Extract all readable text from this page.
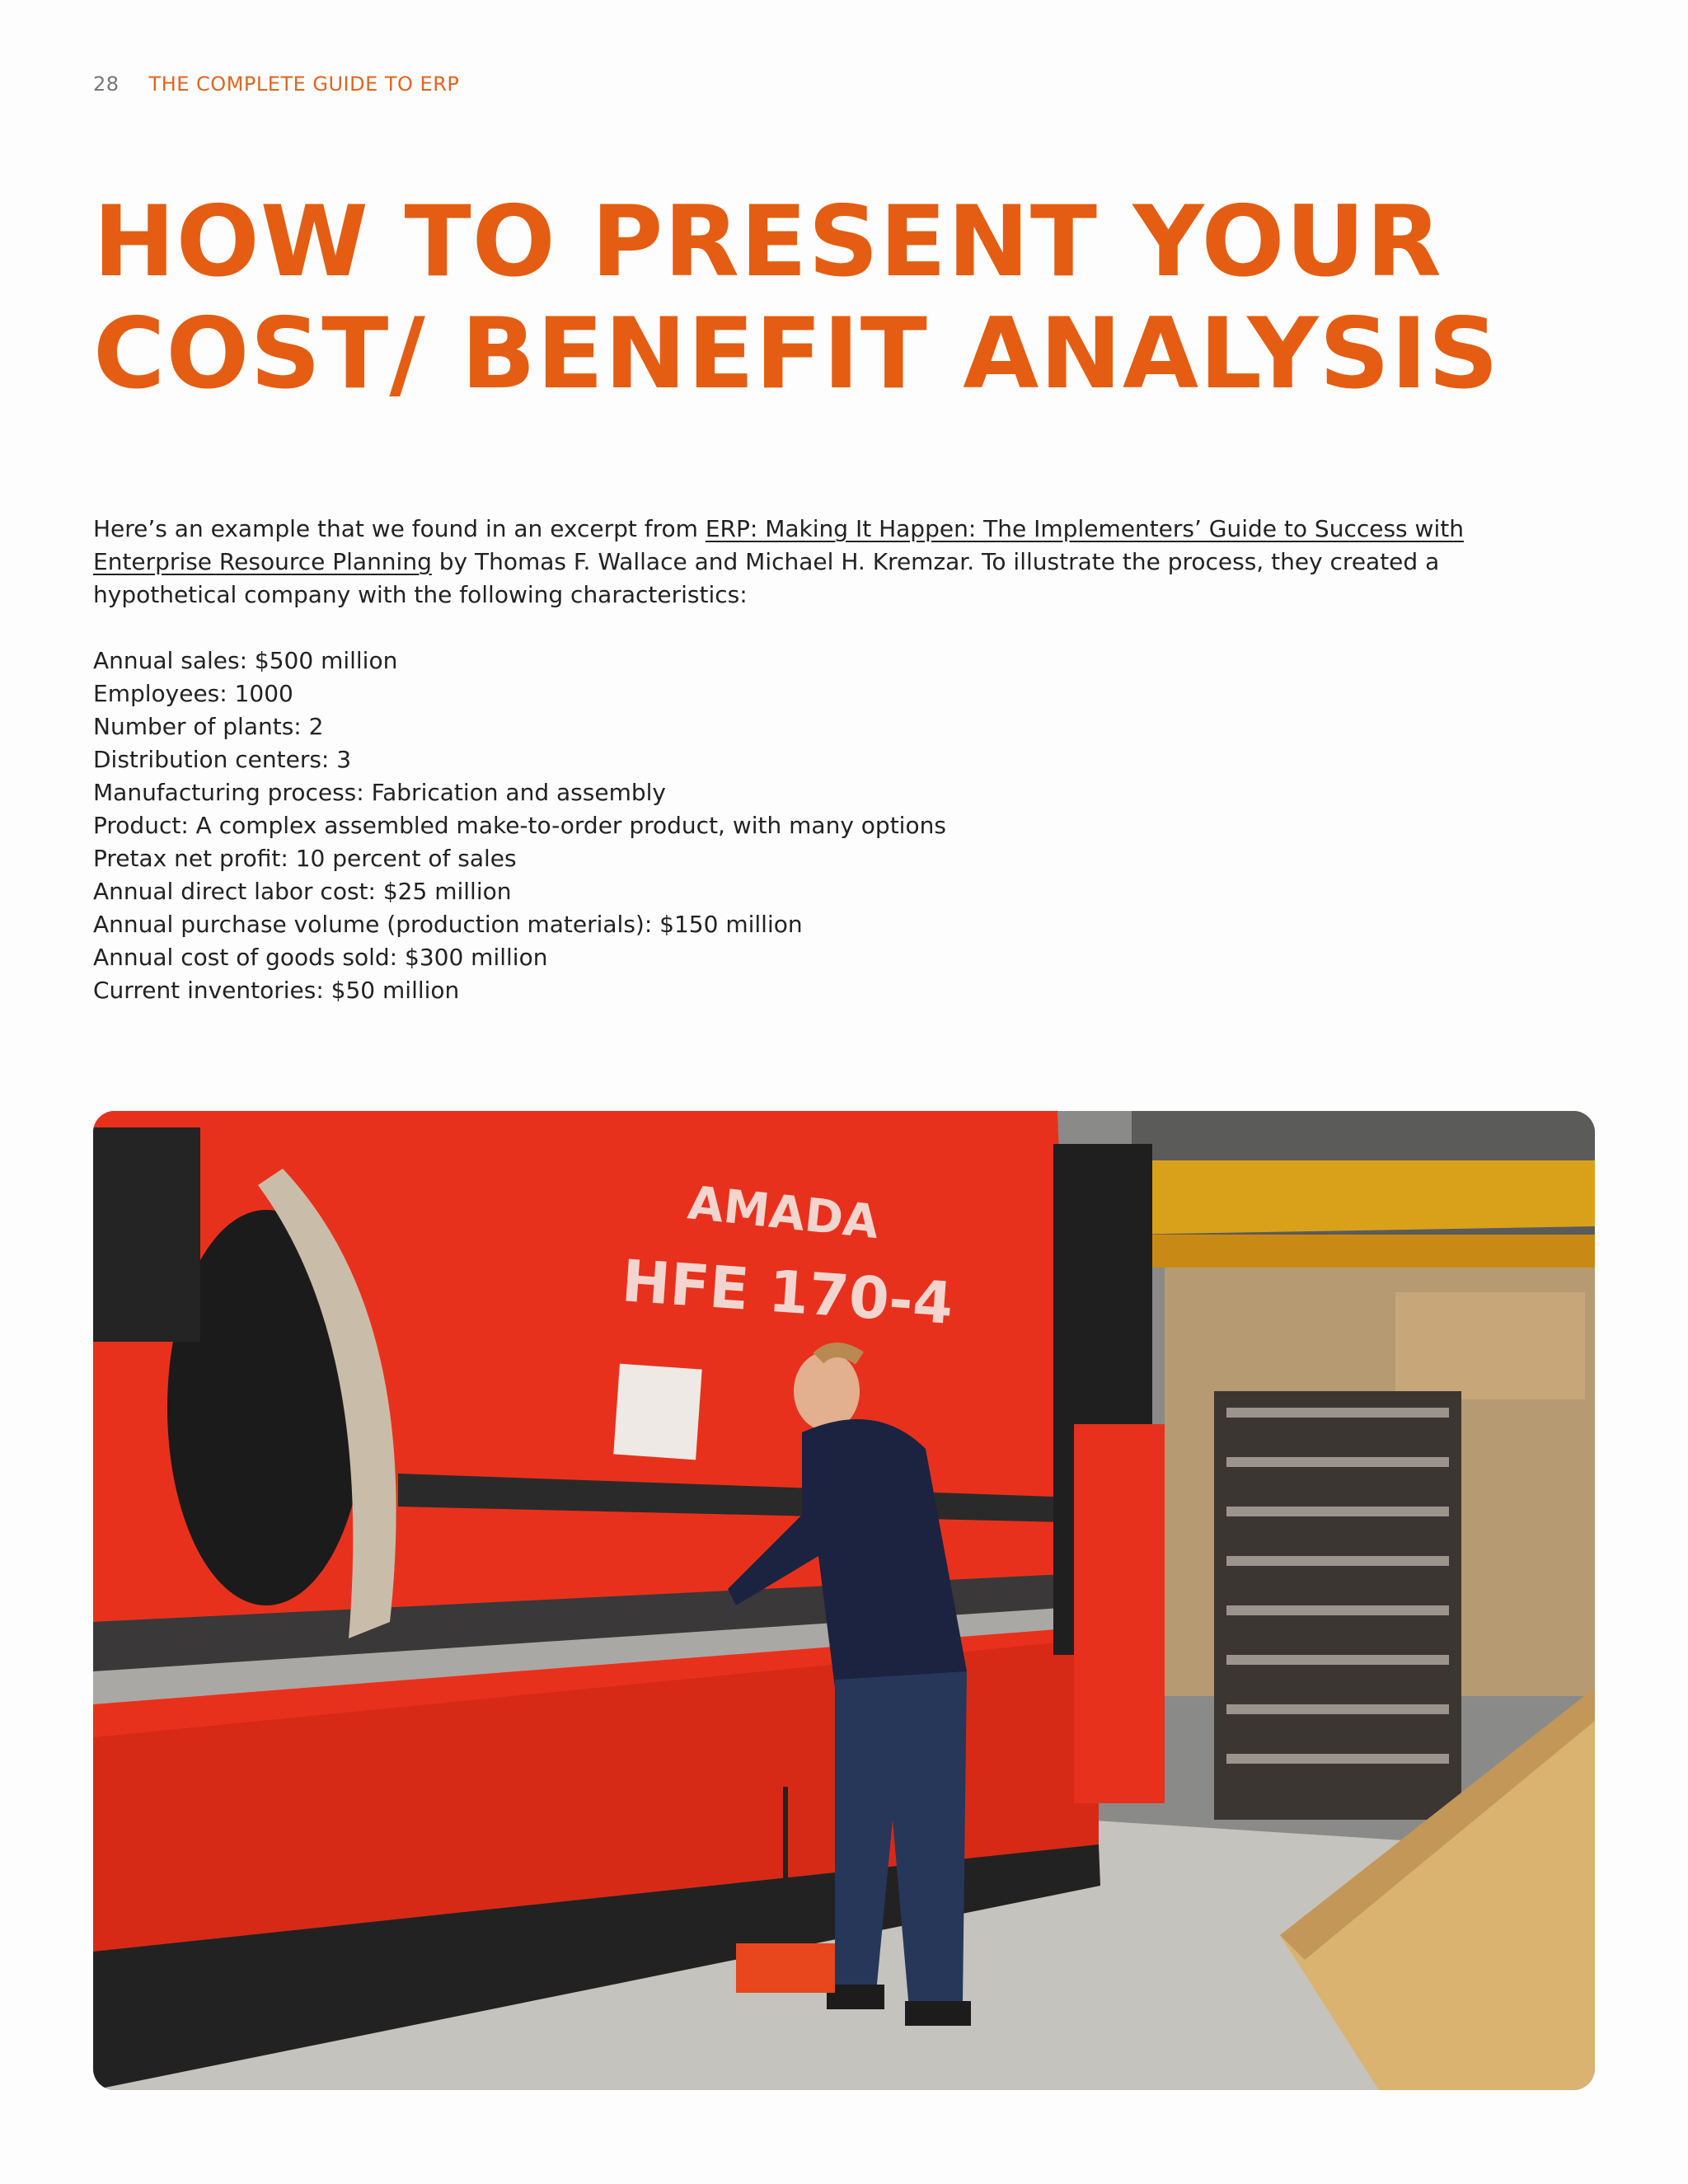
28 THE COMPLETE GUIDE TO ERP
HOW TO PRESENT YOUR COST/ BENEFIT ANALYSIS

Here’s an example that we found in an excerpt from ERP: Making It Happen: The Implementers’ Guide to Success with Enterprise Resource Planning by Thomas F. Wallace and Michael H. Kremzar. To illustrate the process, they created a hypothetical company with the following characteristics:

Annual sales: $500 million
Employees: 1000
Number of plants: 2
Distribution centers: 3
Manufacturing process: Fabrication and assembly
Product: A complex assembled make-to-order product, with many options
Pretax net profit: 10 percent of sales
Annual direct labor cost: $25 million
Annual purchase volume (production materials): $150 million
Annual cost of goods sold: $300 million
Current inventories: $50 million
AMADA
HFE 170-4
